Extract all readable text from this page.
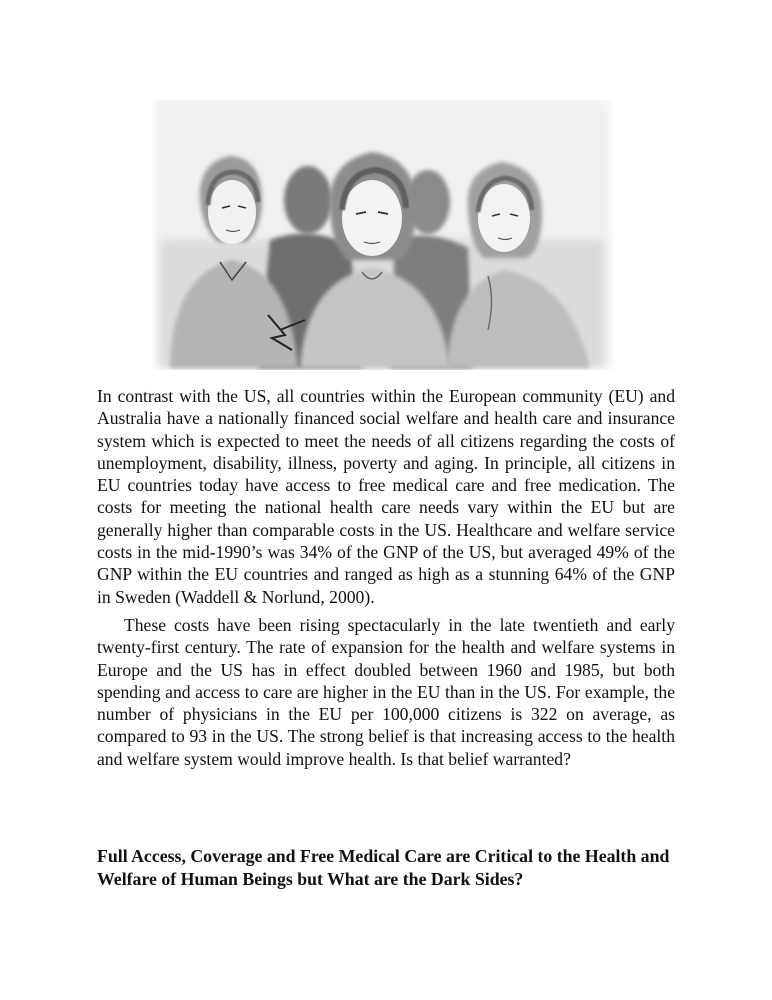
In contrast with the US, all countries within the European community (EU) and Australia have a nationally financed social welfare and health care and insurance system which is expected to meet the needs of all citizens regarding the costs of unemployment, disability, illness, poverty and aging. In principle, all citizens in EU countries today have access to free medical care and free medication. The costs for meeting the national health care needs vary within the EU but are generally higher than comparable costs in the US. Healthcare and welfare service costs in the mid-1990’s was 34% of the GNP of the US, but averaged 49% of the GNP within the EU countries and ranged as high as a stunning 64% of the GNP in Sweden (Waddell & Norlund, 2000).

These costs have been rising spectacularly in the late twentieth and early twenty-first century. The rate of expansion for the health and welfare systems in Europe and the US has in effect doubled between 1960 and 1985, but both spending and access to care are higher in the EU than in the US. For example, the number of physicians in the EU per 100,000 citizens is 322 on average, as compared to 93 in the US. The strong belief is that increasing access to the health and welfare system would improve health. Is that belief warranted?

Full Access, Coverage and Free Medical Care are Critical to the Health and Welfare of Human Beings but What are the Dark Sides?
